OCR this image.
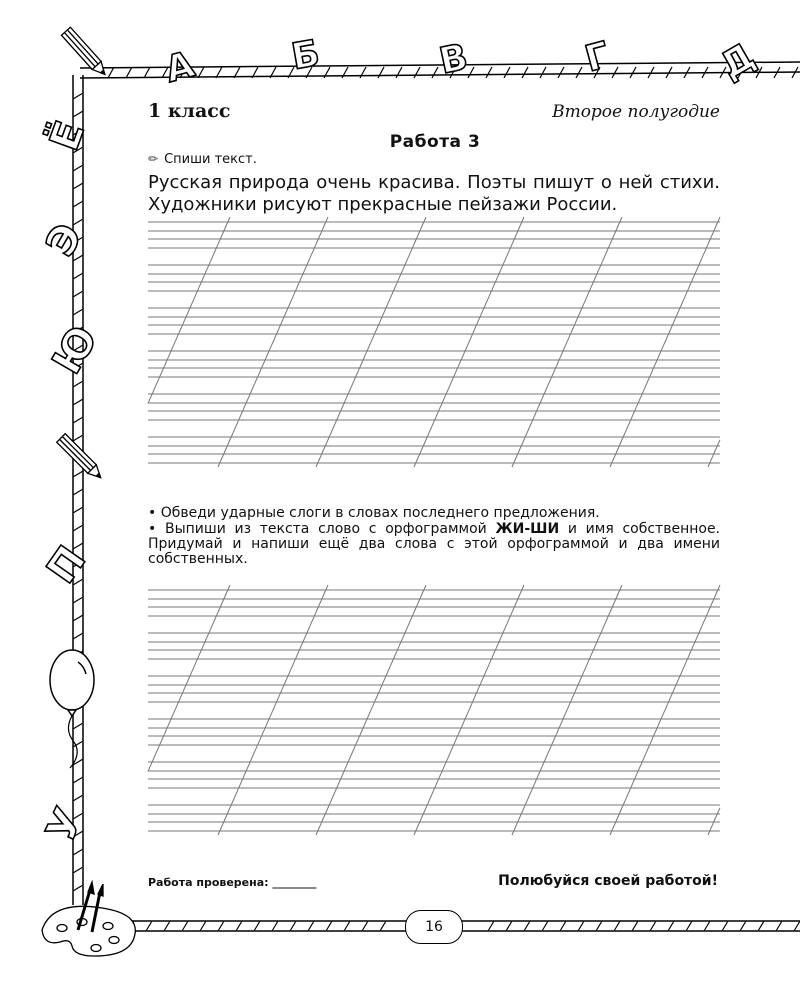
А Б	В	Г	Д
Ё
Э
Ю
П
У
1 класс	Второе полугодие
Работа 3
✏ Спиши текст.
Русская природа очень красива. Поэты пишут о ней стихи. Художники рисуют прекрасные пейзажи России.

• Обведи ударные слоги в словах последнего предложения.

• Выпиши из текста слово с орфограммой ЖИ-ШИ и имя собственное. Придумай и напиши ещё два слова с этой орфограммой и два имени собственных.

Работа проверена: ________	Полюбуйся своей работой!
16
